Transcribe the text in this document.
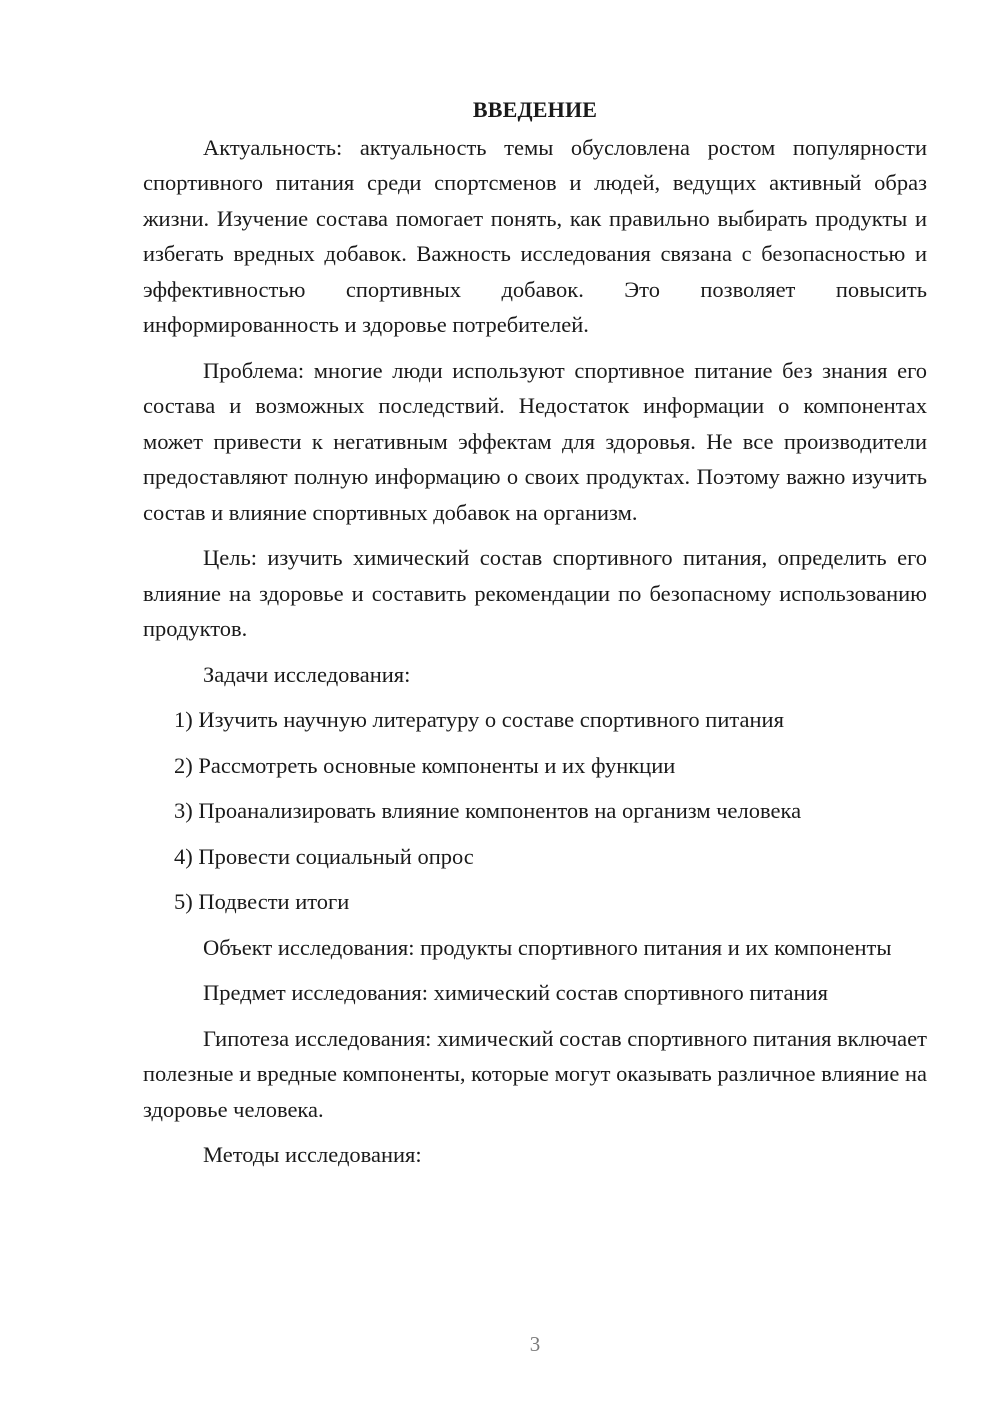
ВВЕДЕНИЕ

Актуальность: актуальность темы обусловлена ростом популярности спортивного питания среди спортсменов и людей, ведущих активный образ жизни. Изучение состава помогает понять, как правильно выбирать продукты и избегать вредных добавок. Важность исследования связана с безопасностью и эффективностью спортивных добавок. Это позволяет повысить информированность и здоровье потребителей.

Проблема: многие люди используют спортивное питание без знания его состава и возможных последствий. Недостаток информации о компонентах может привести к негативным эффектам для здоровья. Не все производители предоставляют полную информацию о своих продуктах. Поэтому важно изучить состав и влияние спортивных добавок на организм.

Цель: изучить химический состав спортивного питания, определить его влияние на здоровье и составить рекомендации по безопасному использованию продуктов.

Задачи исследования:

1) Изучить научную литературу о составе спортивного питания
2) Рассмотреть основные компоненты и их функции
3) Проанализировать влияние компонентов на организм человека
4) Провести социальный опрос
5) Подвести итоги

Объект исследования: продукты спортивного питания и их компоненты

Предмет исследования: химический состав спортивного питания

Гипотеза исследования: химический состав спортивного питания включает полезные и вредные компоненты, которые могут оказывать различное влияние на здоровье человека.

Методы исследования:

3
